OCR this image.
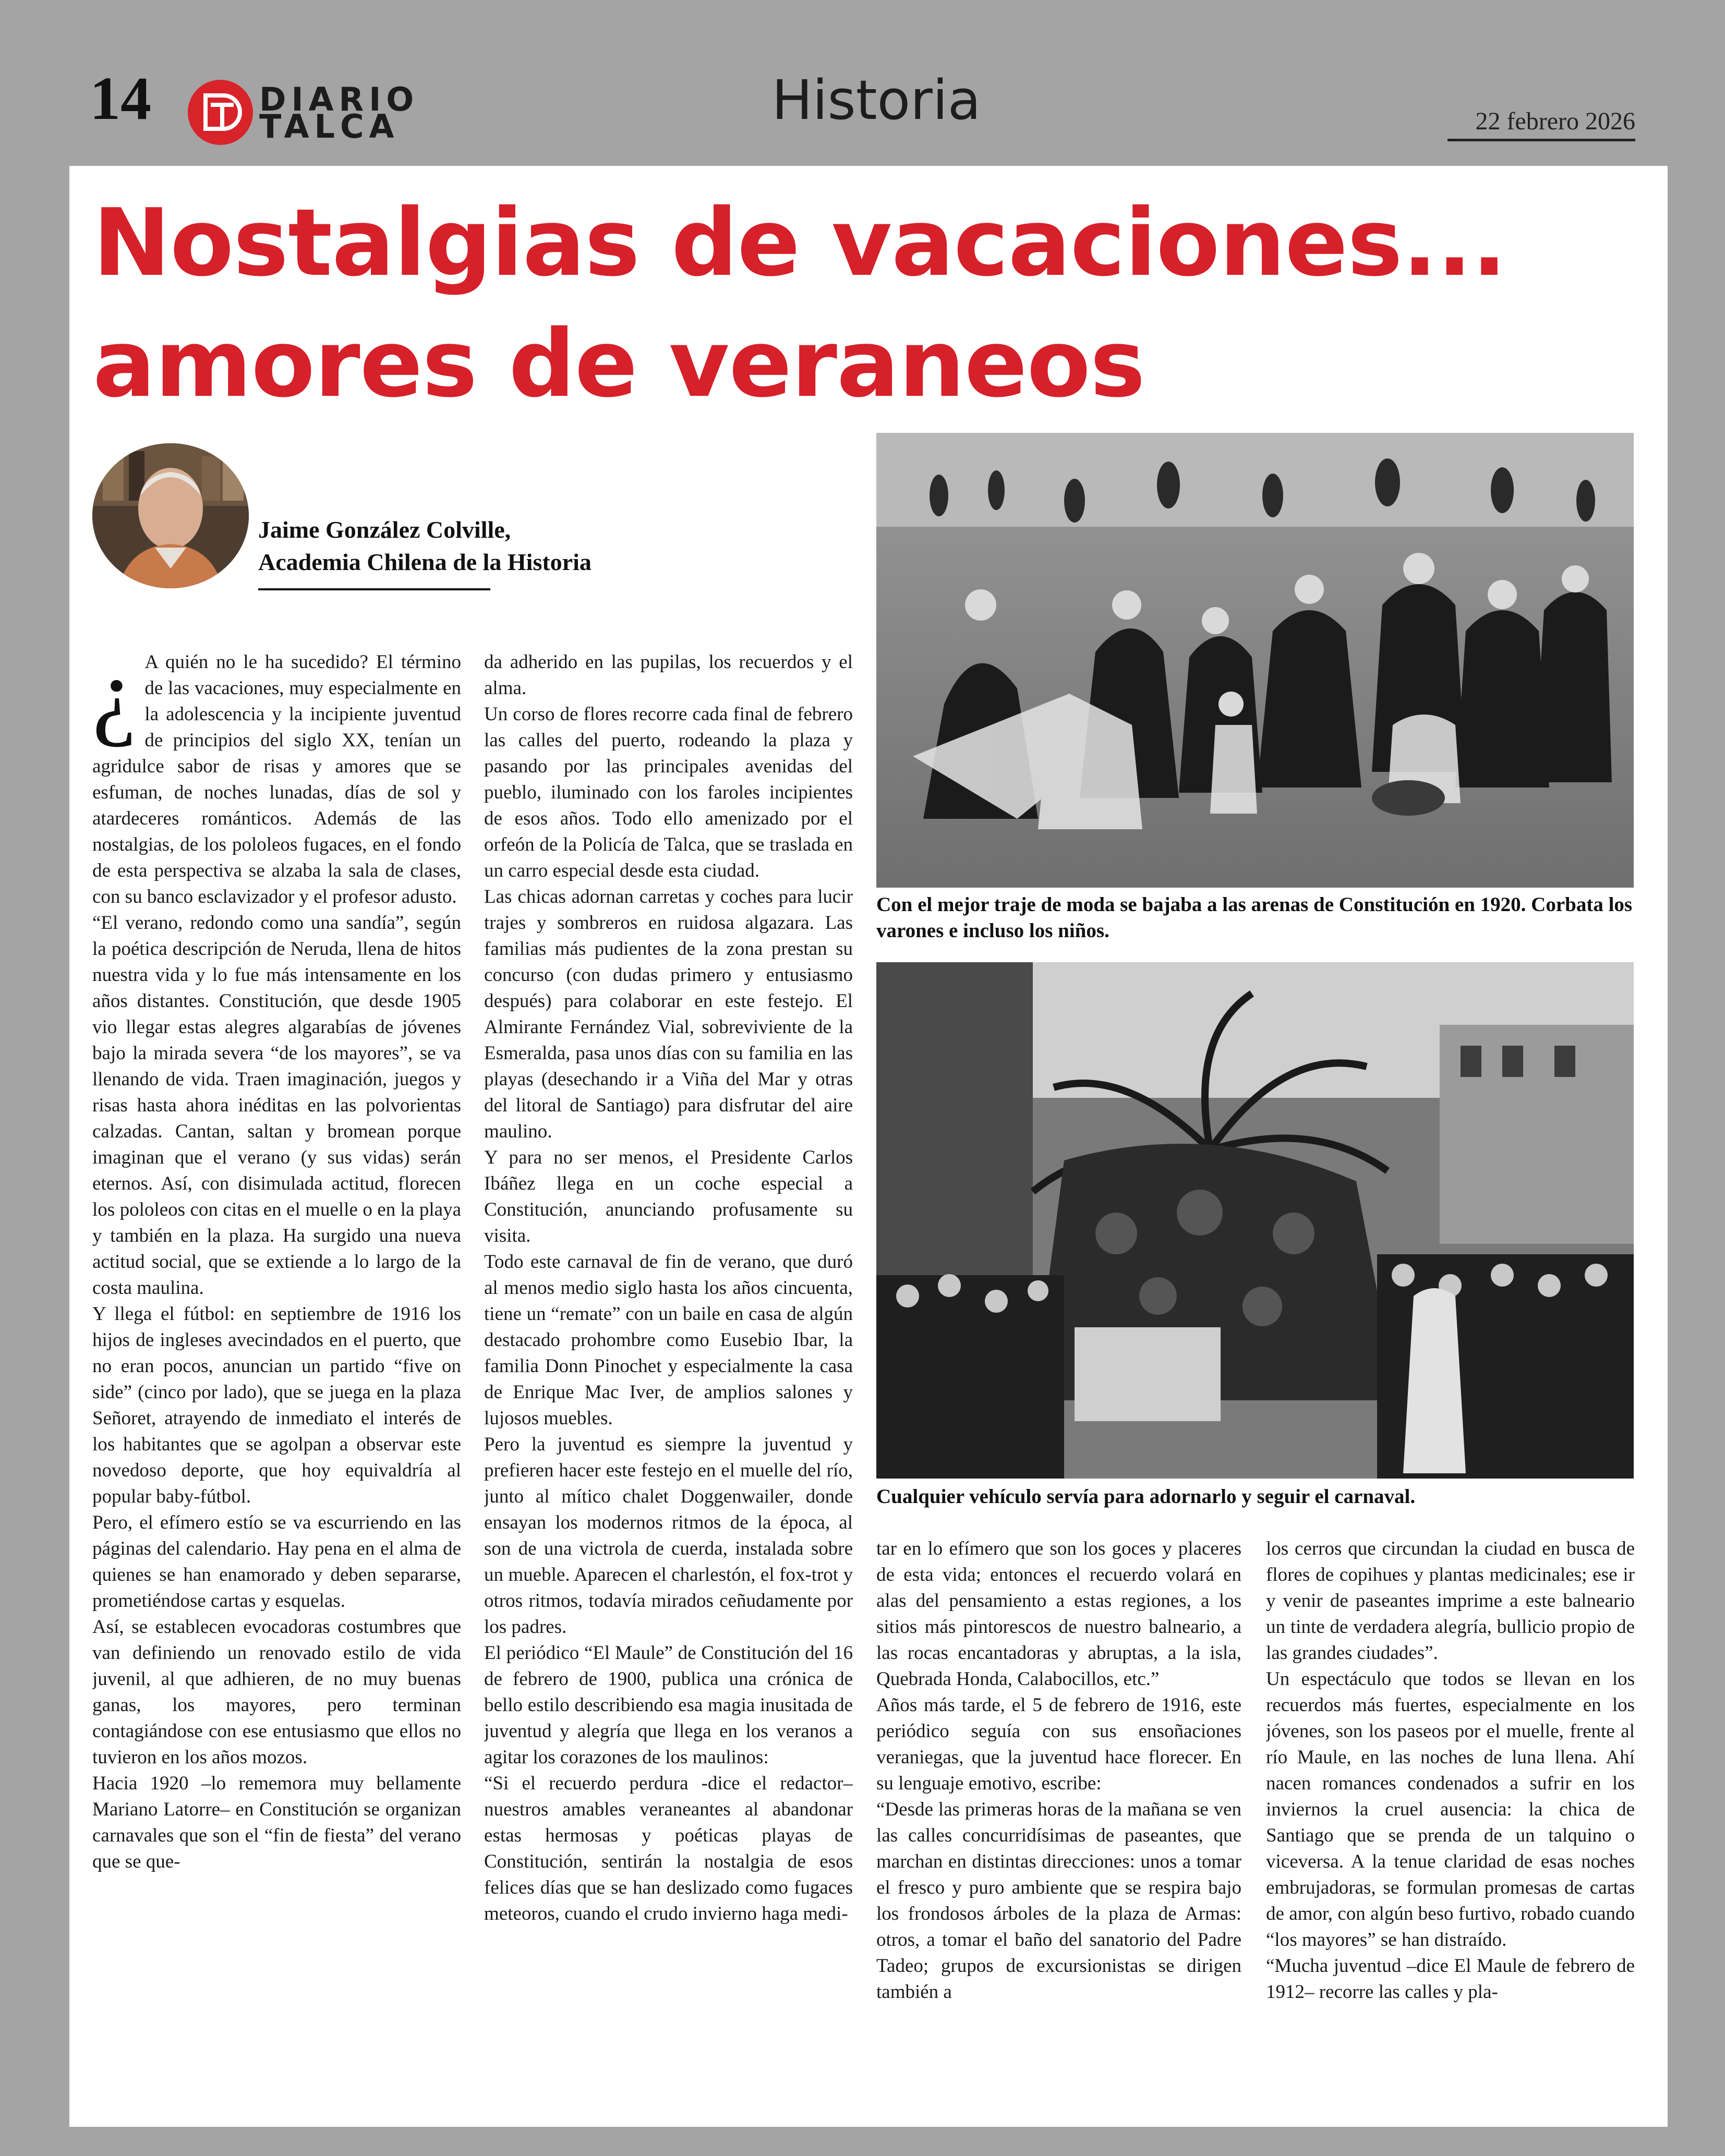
14	DIARIO
TALCA	Historia	22 febrero 2026
Nostalgias de vacaciones...
amores de veraneos
Jaime González Colville,
Academia Chilena de la Historia
¿ A quién no le ha sucedido? El término de las vacaciones, muy especialmente en la adolescencia y la incipiente juventud de principios del siglo XX, tenían un agridulce sabor de risas y amores que se esfuman, de noches lunadas, días de sol y atardeceres románticos. Además de las nostalgias, de los pololeos fugaces, en el fondo de esta perspectiva se alzaba la sala de clases, con su banco esclavizador y el profesor adusto.

“El verano, redondo como una sandía”, según la poética descripción de Neruda, llena de hitos nuestra vida y lo fue más intensamente en los años distantes. Constitución, que desde 1905 vio llegar estas alegres algarabías de jóvenes bajo la mirada severa “de los mayores”, se va llenando de vida. Traen imaginación, juegos y risas hasta ahora inéditas en las polvorientas calzadas. Cantan, saltan y bromean porque imaginan que el verano (y sus vidas) serán eternos. Así, con disimulada actitud, florecen los pololeos con citas en el muelle o en la playa y también en la plaza. Ha surgido una nueva actitud social, que se extiende a lo largo de la costa maulina.

Y llega el fútbol: en septiembre de 1916 los hijos de ingleses avecindados en el puerto, que no eran pocos, anuncian un partido “five on side” (cinco por lado), que se juega en la plaza Señoret, atrayendo de inmediato el interés de los habitantes que se agolpan a observar este novedoso deporte, que hoy equivaldría al popular baby-fútbol.

Pero, el efímero estío se va escurriendo en las páginas del calendario. Hay pena en el alma de quienes se han enamorado y deben separarse, prometiéndose cartas y esquelas.

Así, se establecen evocadoras costumbres que van definiendo un renovado estilo de vida juvenil, al que adhieren, de no muy buenas ganas, los mayores, pero terminan contagiándose con ese entusiasmo que ellos no tuvieron en los años mozos.

Hacia 1920 –lo rememora muy bellamente Mariano Latorre– en Constitución se organizan carnavales que son el “fin de fiesta” del verano que se que-

da adherido en las pupilas, los recuerdos y el alma.

Un corso de flores recorre cada final de febrero las calles del puerto, rodeando la plaza y pasando por las principales avenidas del pueblo, iluminado con los faroles incipientes de esos años. Todo ello amenizado por el orfeón de la Policía de Talca, que se traslada en un carro especial desde esta ciudad.

Las chicas adornan carretas y coches para lucir trajes y sombreros en ruidosa algazara. Las familias más pudientes de la zona prestan su concurso (con dudas primero y entusiasmo después) para colaborar en este festejo. El Almirante Fernández Vial, sobreviviente de la Esmeralda, pasa unos días con su familia en las playas (desechando ir a Viña del Mar y otras del litoral de Santiago) para disfrutar del aire maulino.

Y para no ser menos, el Presidente Carlos Ibáñez llega en un coche especial a Constitución, anunciando profusamente su visita.

Todo este carnaval de fin de verano, que duró al menos medio siglo hasta los años cincuenta, tiene un “remate” con un baile en casa de algún destacado prohombre como Eusebio Ibar, la familia Donn Pinochet y especialmente la casa de Enrique Mac Iver, de amplios salones y lujosos muebles.

Pero la juventud es siempre la juventud y prefieren hacer este festejo en el muelle del río, junto al mítico chalet Doggenwailer, donde ensayan los modernos ritmos de la época, al son de una victrola de cuerda, instalada sobre un mueble. Aparecen el charlestón, el fox-trot y otros ritmos, todavía mirados ceñudamente por los padres.

El periódico “El Maule” de Constitución del 16 de febrero de 1900, publica una crónica de bello estilo describiendo esa magia inusitada de juventud y alegría que llega en los veranos a agitar los corazones de los maulinos:

“Si el recuerdo perdura -dice el redactor– nuestros amables veraneantes al abandonar estas hermosas y poéticas playas de Constitución, sentirán la nostalgia de esos felices días que se han deslizado como fugaces meteoros, cuando el crudo invierno haga medi-

Con el mejor traje de moda se bajaba a las arenas de Constitución en 1920. Corbata los varones e incluso los niños.
Cualquier vehículo servía para adornarlo y seguir el carnaval.

tar en lo efímero que son los goces y placeres de esta vida; entonces el recuerdo volará en alas del pensamiento a estas regiones, a los sitios más pintorescos de nuestro balneario, a las rocas encantadoras y abruptas, a la isla, Quebrada Honda, Calabocillos, etc.”

Años más tarde, el 5 de febrero de 1916, este periódico seguía con sus ensoñaciones veraniegas, que la juventud hace florecer. En su lenguaje emotivo, escribe:

“Desde las primeras horas de la mañana se ven las calles concurridísimas de paseantes, que marchan en distintas direcciones: unos a tomar el fresco y puro ambiente que se respira bajo los frondosos árboles de la plaza de Armas: otros, a tomar el baño del sanatorio del Padre Tadeo; grupos de excursionistas se dirigen también a

los cerros que circundan la ciudad en busca de flores de copihues y plantas medicinales; ese ir y venir de paseantes imprime a este balneario un tinte de verdadera alegría, bullicio propio de las grandes ciudades”.

Un espectáculo que todos se llevan en los recuerdos más fuertes, especialmente en los jóvenes, son los paseos por el muelle, frente al río Maule, en las noches de luna llena. Ahí nacen romances condenados a sufrir en los inviernos la cruel ausencia: la chica de Santiago que se prenda de un talquino o viceversa. A la tenue claridad de esas noches embrujadoras, se formulan promesas de cartas de amor, con algún beso furtivo, robado cuando “los mayores” se han distraído.

“Mucha juventud –dice El Maule de febrero de 1912– recorre las calles y pla-
